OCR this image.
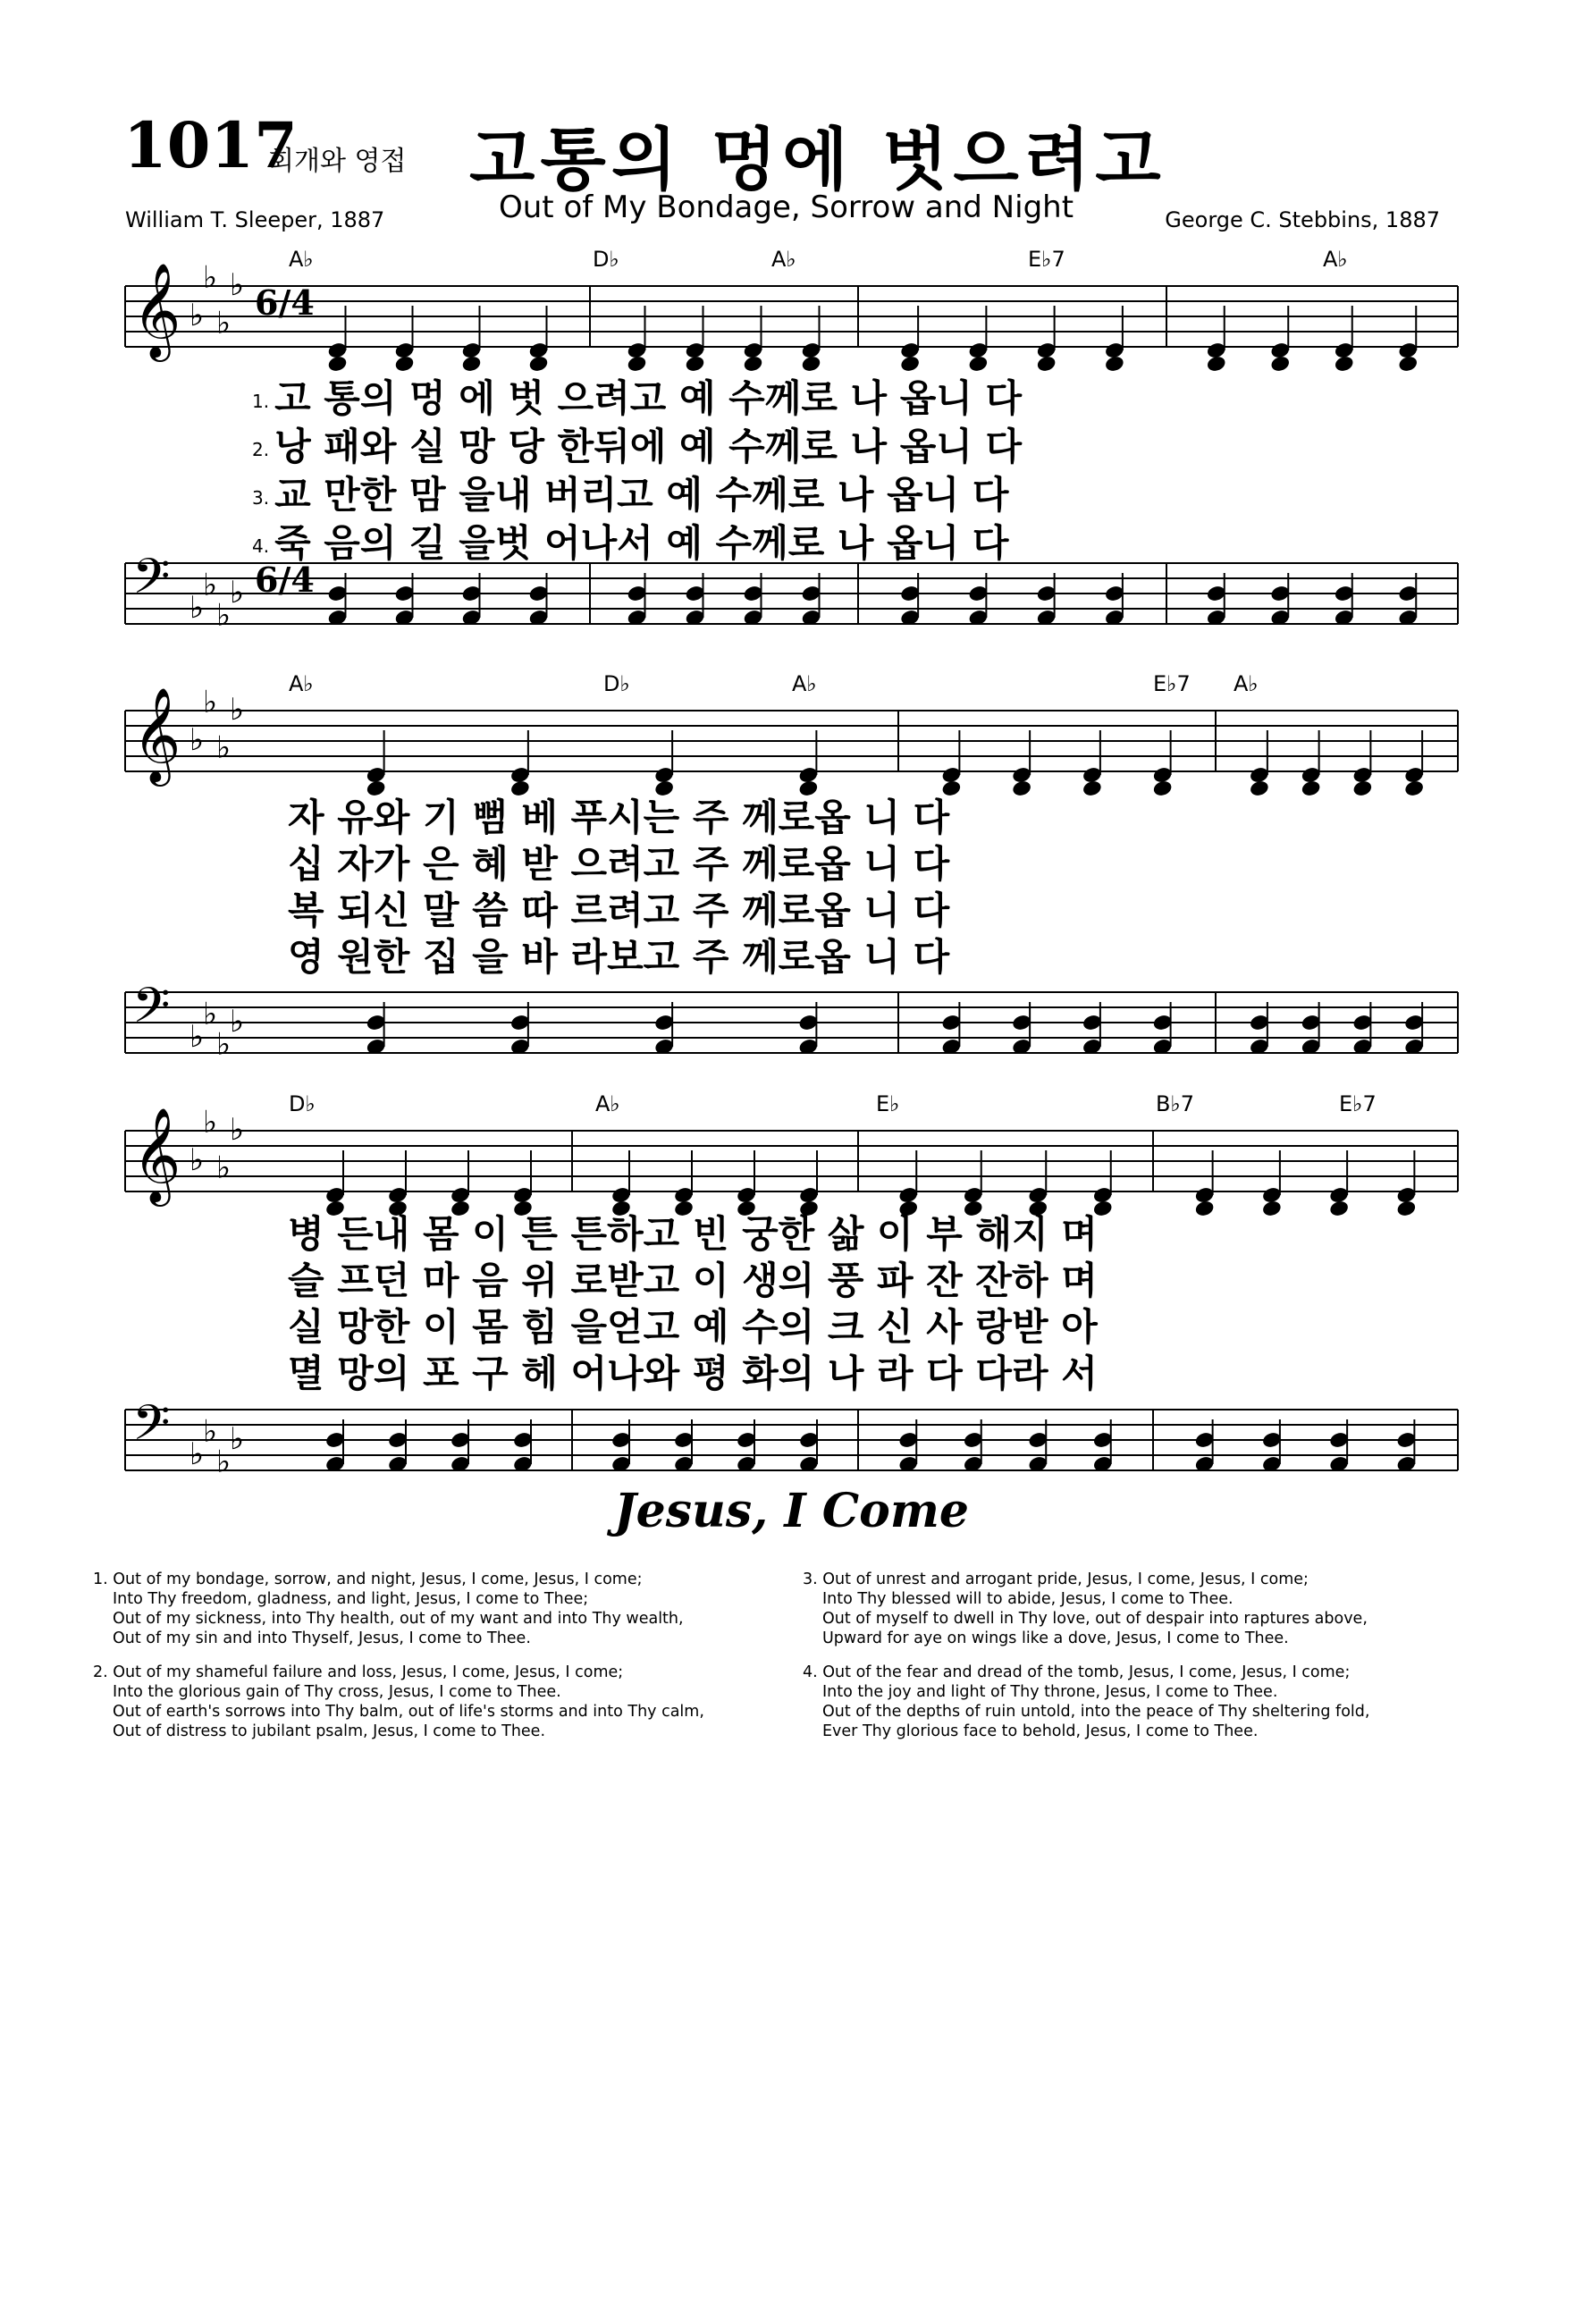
1017
회개와 영접 고통의 멍에 벗으려고
Out of My Bondage, Sorrow and Night
William T. Sleeper, 1887	George C. Stebbins, 1887
𝄞 ♭
♭
♭
♭
𝄢 ♭
♭
♭
♭
6/4
6/4
A♭	D♭	A♭	E♭7	A♭
1. 고 통의 멍 에 벗 으려고 예 수께로 나 옵니 다
2. 낭 패와 실 망 당 한뒤에 예 수께로 나 옵니 다
3. 교 만한 맘 을내 버리고 예 수께로 나 옵니 다
4. 죽 음의 길 을벗 어나서 예 수께로 나 옵니 다
𝄞 ♭
♭
♭
♭
𝄢 ♭
♭
♭
♭
A♭	D♭	A♭	E♭7 A♭
자 유와 기 뻠 베 푸시는 주 께로옵 니 다
십 자가 은 혜 받 으려고 주 께로옵 니 다
복 되신 말 씀 따 르려고 주 께로옵 니 다
영 원한 집 을 바 라보고 주 께로옵 니 다
𝄞 ♭
♭
♭
♭
𝄢 ♭
♭
♭
♭
D♭	A♭	E♭	B♭7	E♭7
병 든내 몸 이 튼 튼하고 빈 궁한 삶 이 부 해지 며
슬 프던 마 음 위 로받고 이 생의 풍 파 잔 잔하 며
실 망한 이 몸 힘 을얻고 예 수의 크 신 사 랑받 아
멸 망의 포 구 헤 어나와 평 화의 나 라 다 다라 서
Jesus, I Come
1. Out of my bondage, sorrow, and night, Jesus, I come, Jesus, I come;
Into Thy freedom, gladness, and light, Jesus, I come to Thee;
Out of my sickness, into Thy health, out of my want and into Thy wealth,
Out of my sin and into Thyself, Jesus, I come to Thee.
2. Out of my shameful failure and loss, Jesus, I come, Jesus, I come;
Into the glorious gain of Thy cross, Jesus, I come to Thee.
Out of earth's sorrows into Thy balm, out of life's storms and into Thy calm,
Out of distress to jubilant psalm, Jesus, I come to Thee.
3. Out of unrest and arrogant pride, Jesus, I come, Jesus, I come;
Into Thy blessed will to abide, Jesus, I come to Thee.
Out of myself to dwell in Thy love, out of despair into raptures above,
Upward for aye on wings like a dove, Jesus, I come to Thee.
4. Out of the fear and dread of the tomb, Jesus, I come, Jesus, I come;
Into the joy and light of Thy throne, Jesus, I come to Thee.
Out of the depths of ruin untold, into the peace of Thy sheltering fold,
Ever Thy glorious face to behold, Jesus, I come to Thee.
